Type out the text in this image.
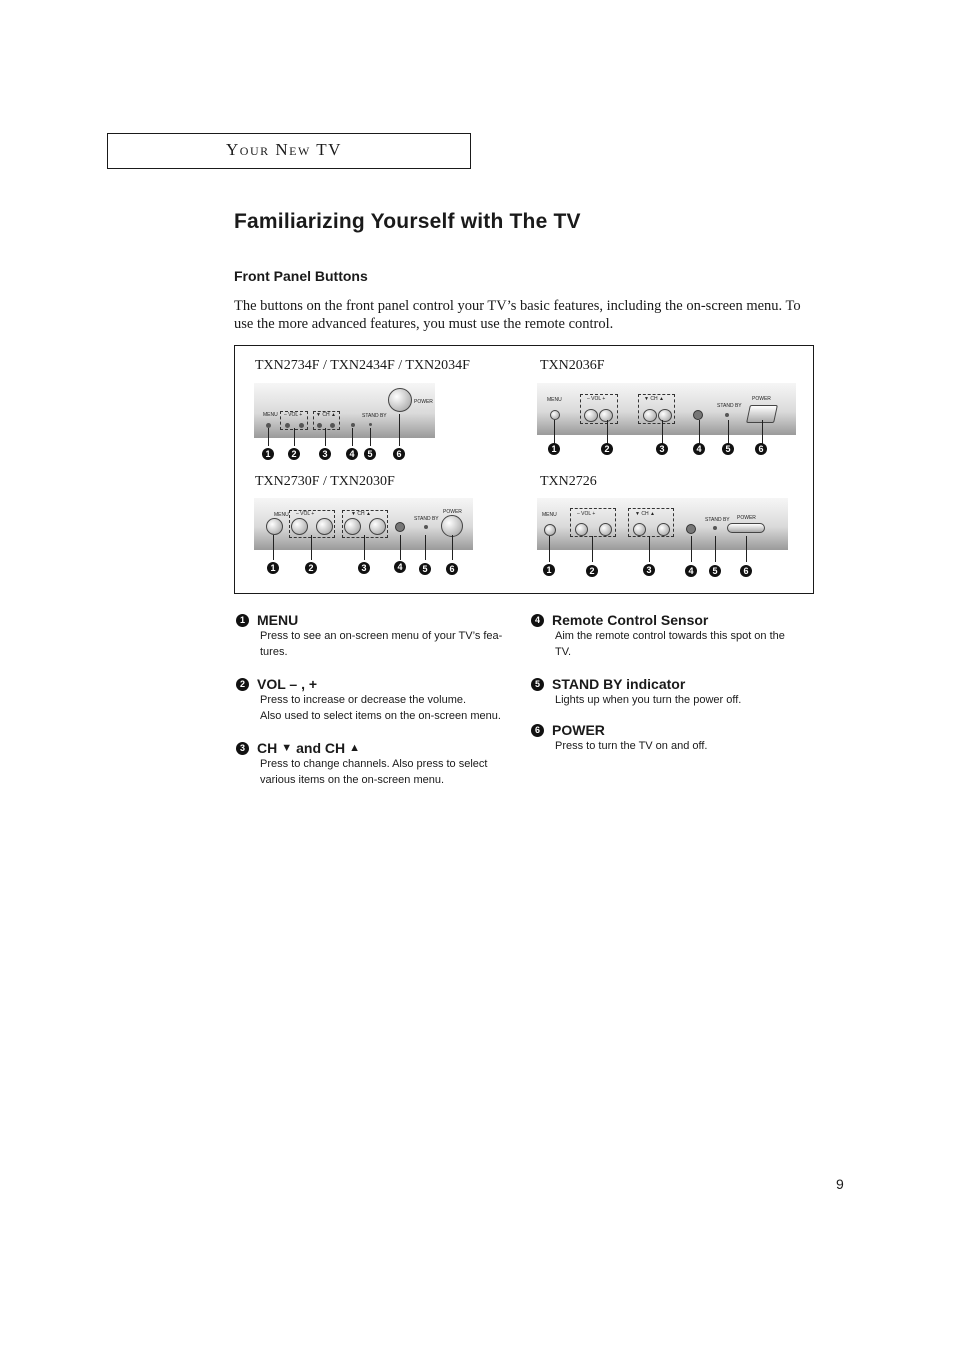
Your New TV
Familiarizing Yourself with The TV
Front Panel Buttons

The buttons on the front panel control your TV’s basic features, including the on-screen menu. To use the more advanced features, you must use the remote control.

TXN2734F / TXN2434F / TXN2034F
MENU – VOL +	▼ CH ▲	STAND BY
POWER
1	2	3	4	5	6
TXN2036F
MENU	– VOL +	▼ CH ▲
STAND BY
POWER
1	2	3	4	5	6
TXN2730F / TXN2030F
MENU – VOL +	▼ CH ▲
STAND BY
POWER
1	2	3	4	5	6
TXN2726
MENU	– VOL +	▼ CH ▲
STAND BY POWER
1	2	3	4	5	6
1 MENU
Press to see an on-screen menu of your TV’s fea-
tures.
2 VOL – , +
Press to increase or decrease the volume.
Also used to select items on the on-screen menu.
3 CH ▼ and CH ▲
Press to change channels. Also press to select
various items on the on-screen menu.
4 Remote Control Sensor
Aim the remote control towards this spot on the
TV.
5 STAND BY indicator
Lights up when you turn the power off.
6 POWER
Press to turn the TV on and off.
9
